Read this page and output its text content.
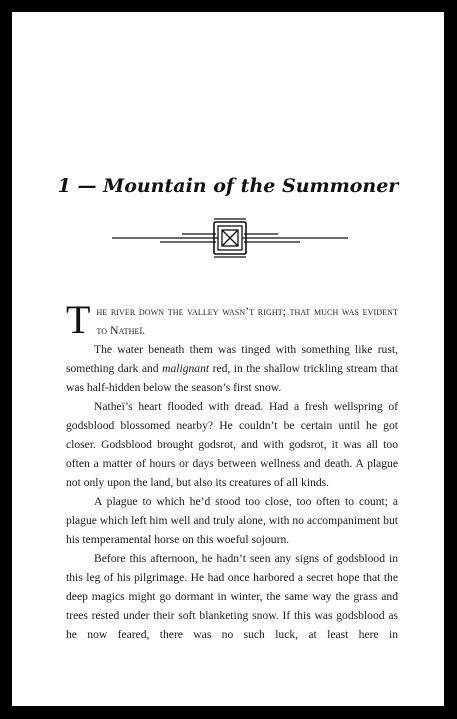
1 — Mountain of the Summoner

The river down the valley wasn’t right; that much was evident to Natheï.

The water beneath them was tinged with something like rust, something dark and malignant red, in the shallow trickling stream that was half-hidden below the season’s first snow.

Natheï’s heart flooded with dread. Had a fresh wellspring of godsblood blossomed nearby? He couldn’t be certain until he got closer. Godsblood brought godsrot, and with godsrot, it was all too often a matter of hours or days between wellness and death. A plague not only upon the land, but also its creatures of all kinds.

A plague to which he’d stood too close, too often to count; a plague which left him well and truly alone, with no accompaniment but his temperamental horse on this woeful sojourn.

Before this afternoon, he hadn’t seen any signs of godsblood in this leg of his pilgrimage. He had once harbored a secret hope that the deep magics might go dormant in winter, the same way the grass and trees rested under their soft blanketing snow. If this was godsblood as he now feared, there was no such luck, at least here in
